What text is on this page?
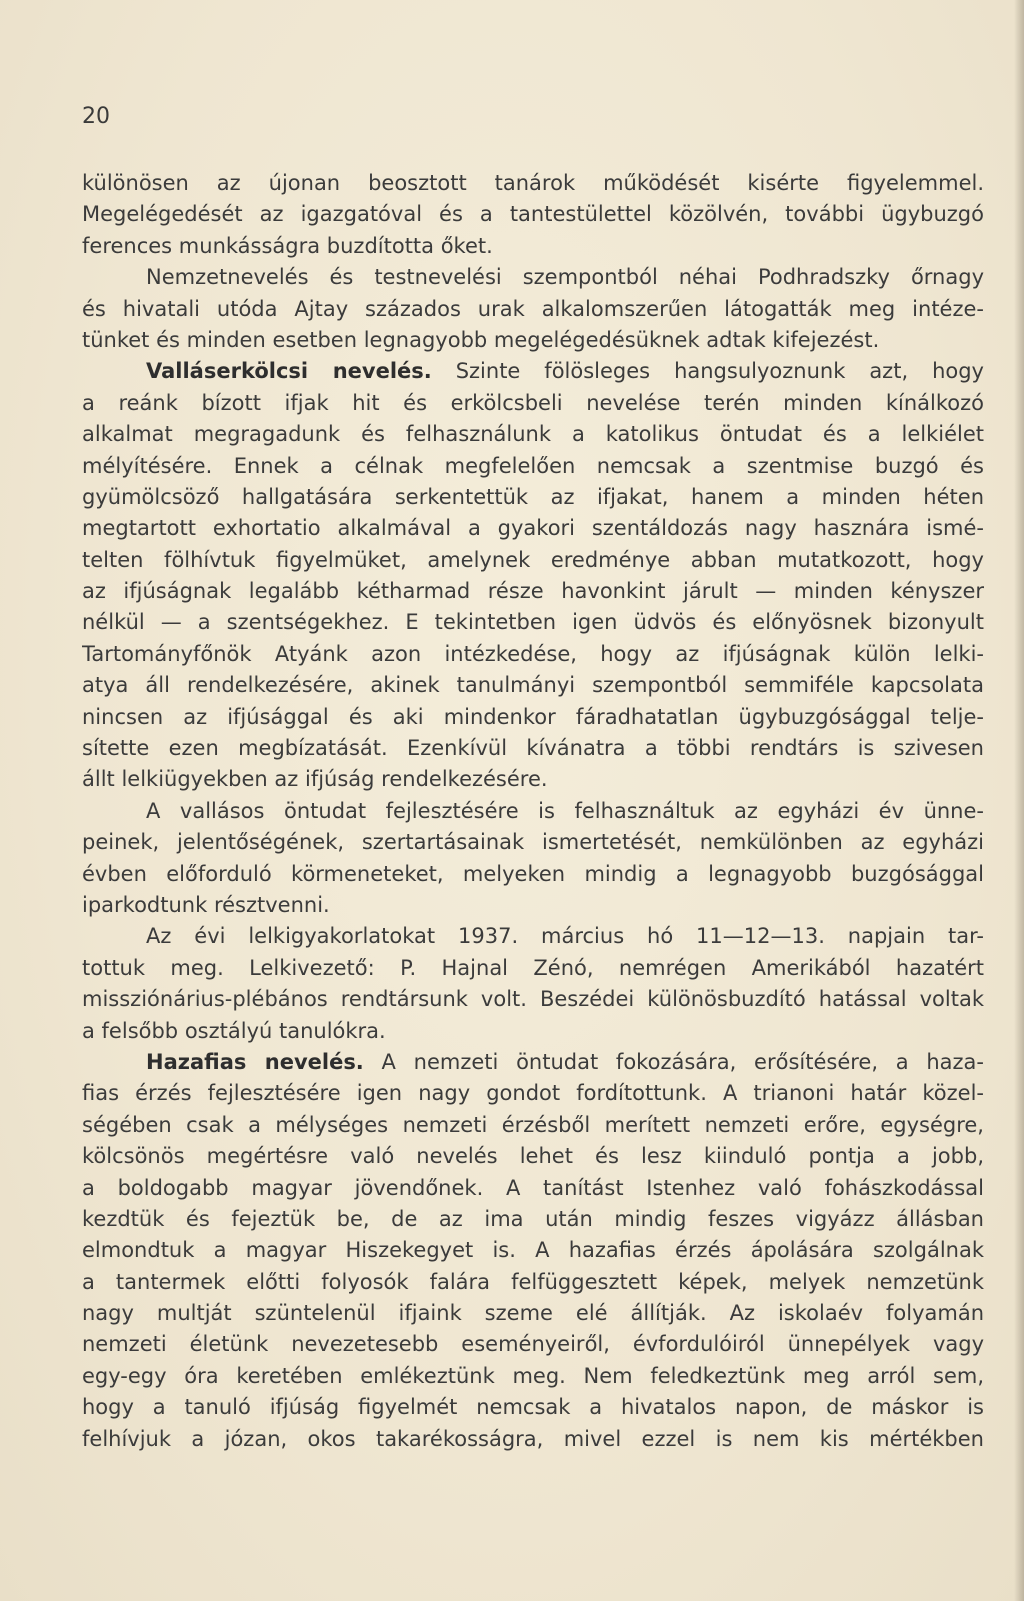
20
különösen az újonan beosztott tanárok működését kisérte figyelemmel.
Megelégedését az igazgatóval és a tantestülettel közölvén, további ügybuzgó
ferences munkásságra buzdította őket.
Nemzetnevelés és testnevelési szempontból néhai Podhradszky őrnagy
és hivatali utóda Ajtay százados urak alkalomszerűen látogatták meg intéze-
tünket és minden esetben legnagyobb megelégedésüknek adtak kifejezést.
Valláserkölcsi nevelés. Szinte fölösleges hangsulyoznunk azt, hogy
a reánk bízott ifjak hit és erkölcsbeli nevelése terén minden kínálkozó
alkalmat megragadunk és felhasználunk a katolikus öntudat és a lelkiélet
mélyítésére. Ennek a célnak megfelelően nemcsak a szentmise buzgó és
gyümölcsöző hallgatására serkentettük az ifjakat, hanem a minden héten
megtartott exhortatio alkalmával a gyakori szentáldozás nagy hasznára ismé-
telten fölhívtuk figyelmüket, amelynek eredménye abban mutatkozott, hogy
az ifjúságnak legalább kétharmad része havonkint járult — minden kényszer
nélkül — a szentségekhez. E tekintetben igen üdvös és előnyösnek bizonyult
Tartományfőnök Atyánk azon intézkedése, hogy az ifjúságnak külön lelki-
atya áll rendelkezésére, akinek tanulmányi szempontból semmiféle kapcsolata
nincsen az ifjúsággal és aki mindenkor fáradhatatlan ügybuzgósággal telje-
sítette ezen megbízatását. Ezenkívül kívánatra a többi rendtárs is szivesen
állt lelkiügyekben az ifjúság rendelkezésére.
A vallásos öntudat fejlesztésére is felhasználtuk az egyházi év ünne-
peinek, jelentőségének, szertartásainak ismertetését, nemkülönben az egyházi
évben előforduló körmeneteket, melyeken mindig a legnagyobb buzgósággal
iparkodtunk résztvenni.
Az évi lelkigyakorlatokat 1937. március hó 11—12—13. napjain tar-
tottuk meg. Lelkivezető: P. Hajnal Zénó, nemrégen Amerikából hazatért
missziónárius-plébános rendtársunk volt. Beszédei különösbuzdító hatással voltak
a felsőbb osztályú tanulókra.
Hazafias nevelés. A nemzeti öntudat fokozására, erősítésére, a haza-
fias érzés fejlesztésére igen nagy gondot fordítottunk. A trianoni határ közel-
ségében csak a mélységes nemzeti érzésből merített nemzeti erőre, egységre,
kölcsönös megértésre való nevelés lehet és lesz kiinduló pontja a jobb,
a boldogabb magyar jövendőnek. A tanítást Istenhez való fohászkodással
kezdtük és fejeztük be, de az ima után mindig feszes vigyázz állásban
elmondtuk a magyar Hiszekegyet is. A hazafias érzés ápolására szolgálnak
a tantermek előtti folyosók falára felfüggesztett képek, melyek nemzetünk
nagy multját szüntelenül ifjaink szeme elé állítják. Az iskolaév folyamán
nemzeti életünk nevezetesebb eseményeiről, évfordulóiról ünnepélyek vagy
egy-egy óra keretében emlékeztünk meg. Nem feledkeztünk meg arról sem,
hogy a tanuló ifjúság figyelmét nemcsak a hivatalos napon, de máskor is
felhívjuk a józan, okos takarékosságra, mivel ezzel is nem kis mértékben
